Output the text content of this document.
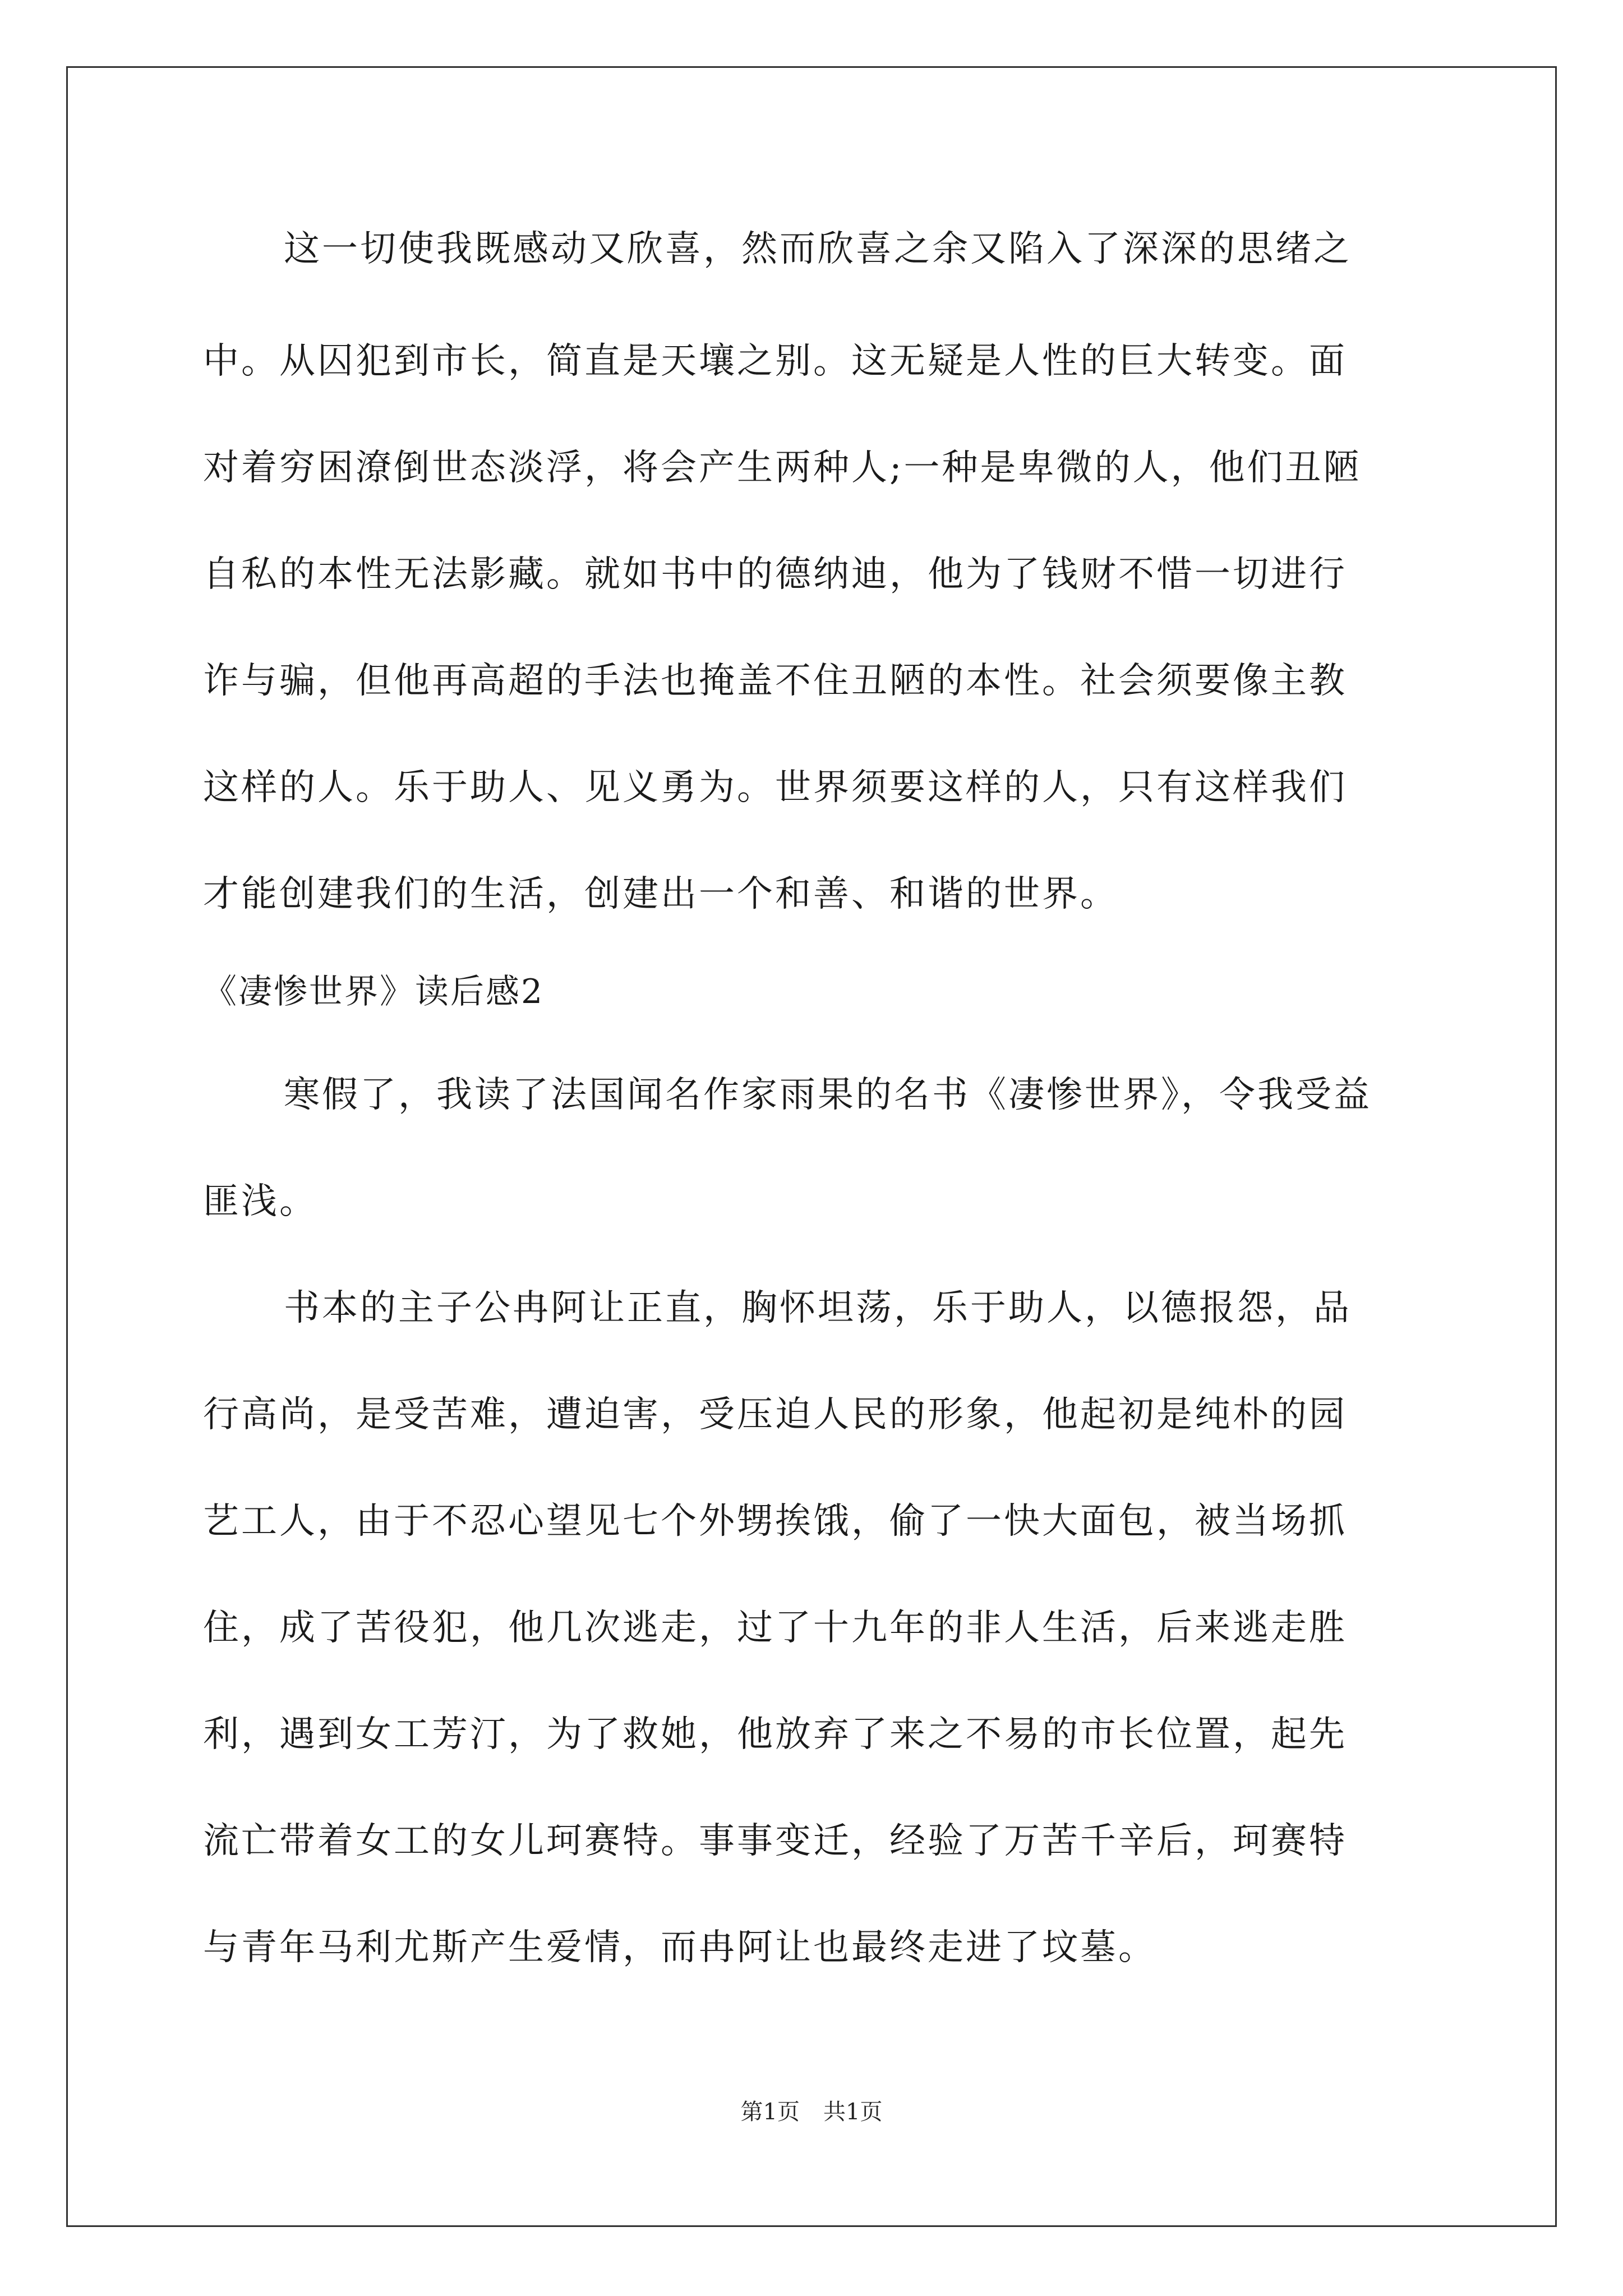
这一切使我既感动又欣喜，然而欣喜之余又陷入了深深的思绪之
中。从囚犯到市长，简直是天壤之别。这无疑是人性的巨大转变。面
对着穷困潦倒世态淡浮，将会产生两种人;一种是卑微的人，他们丑陋
自私的本性无法影藏。就如书中的德纳迪，他为了钱财不惜一切进行
诈与骗，但他再高超的手法也掩盖不住丑陋的本性。社会须要像主教
这样的人。乐于助人、见义勇为。世界须要这样的人，只有这样我们
才能创建我们的生活，创建出一个和善、和谐的世界。
《凄惨世界》读后感2
寒假了，我读了法国闻名作家雨果的名书《凄惨世界》，令我受益
匪浅。
书本的主子公冉阿让正直，胸怀坦荡，乐于助人，以德报怨，品
行高尚，是受苦难，遭迫害，受压迫人民的形象，他起初是纯朴的园
艺工人，由于不忍心望见七个外甥挨饿，偷了一快大面包，被当场抓
住，成了苦役犯，他几次逃走，过了十九年的非人生活，后来逃走胜
利，遇到女工芳汀，为了救她，他放弃了来之不易的市长位置，起先
流亡带着女工的女儿珂赛特。事事变迁，经验了万苦千辛后，珂赛特
与青年马利尤斯产生爱情，而冉阿让也最终走进了坟墓。
第1页 共1页
